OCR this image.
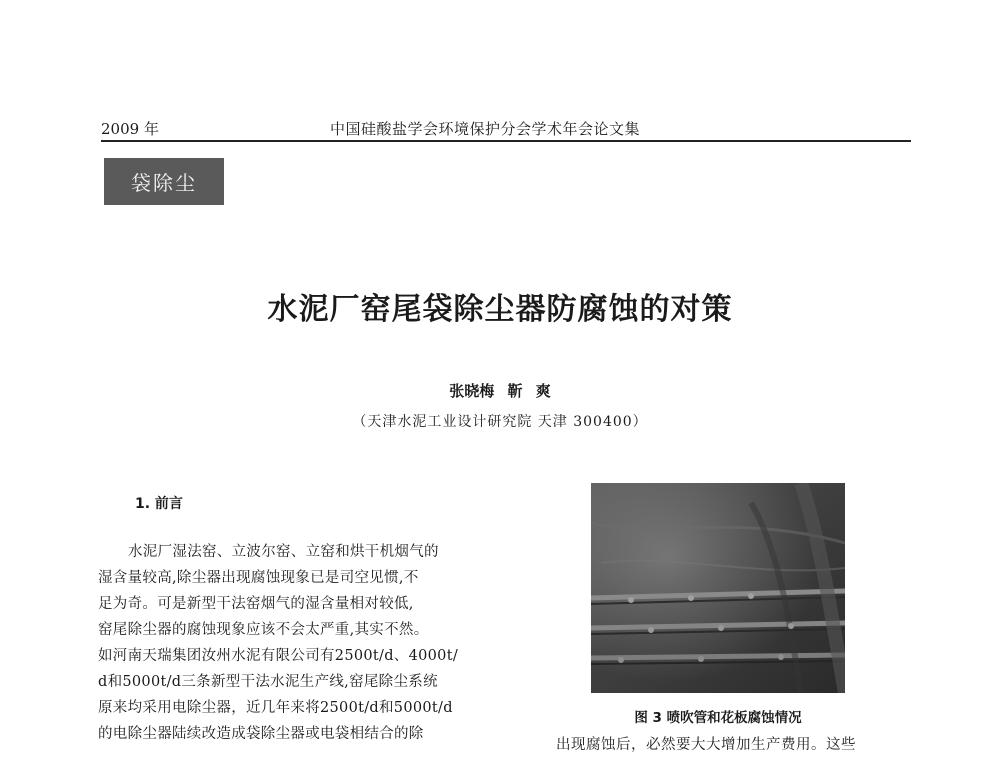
2009 年	中国硅酸盐学会环境保护分会学术年会论文集
袋除尘
水泥厂窑尾袋除尘器防腐蚀的对策
张晓梅 靳 爽
（天津水泥工业设计研究院 天津 300400）
1. 前言
水泥厂湿法窑、立波尔窑、立窑和烘干机烟气的
湿含量较高,除尘器出现腐蚀现象已是司空见惯,不
足为奇。可是新型干法窑烟气的湿含量相对较低,
窑尾除尘器的腐蚀现象应该不会太严重,其实不然。
如河南天瑞集团汝州水泥有限公司有2500t/d、4000t/
d和5000t/d三条新型干法水泥生产线,窑尾除尘系统
原来均采用电除尘器，近几年来将2500t/d和5000t/d
的电除尘器陆续改造成袋除尘器或电袋相结合的除
图 3 喷吹管和花板腐蚀情况
出现腐蚀后，必然要大大增加生产费用。这些
